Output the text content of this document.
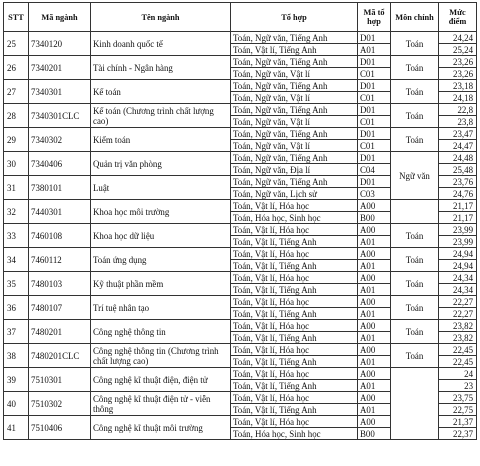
STT	Mã ngành	Tên ngành	Tổ hợp	Mã tổ hợp	Môn chính	Mức điểm
25	7340120	Kinh doanh quốc tế	Toán, Ngữ văn, Tiếng Anh	D01	Toán	24,24
			Toán, Vật lí, Tiếng Anh	A01		25,24
26	7340201	Tài chính - Ngân hàng	Toán, Ngữ văn, Tiếng Anh	D01	Toán	23,26
			Toán, Ngữ văn, Vật lí	C01		23,26
27	7340301	Kế toán	Toán, Ngữ văn, Tiếng Anh	D01	Toán	23,18
			Toán, Ngữ văn, Vật lí	C01		24,18
28	7340301CLC	Kế toán (Chương trình chất lượng cao)	Toán, Ngữ văn, Tiếng Anh	D01	Toán	22,8
			Toán, Ngữ văn, Vật lí	C01		23,8
29	7340302	Kiểm toán	Toán, Ngữ văn, Tiếng Anh	D01	Toán	23,47
			Toán, Ngữ văn, Vật lí	C01		24,47
30	7340406	Quản trị văn phòng	Toán, Ngữ văn, Tiếng Anh	D01	Ngữ văn	24,48
			Toán, Ngữ văn, Địa lí	C04		25,48
31	7380101	Luật	Toán, Ngữ văn, Tiếng Anh	D01		23,76
			Toán, Ngữ văn, Lịch sử	C03		24,76
32	7440301	Khoa học môi trường	Toán, Vật lí, Hóa học	A00		21,17
			Toán, Hóa học, Sinh học	B00		21,17
33	7460108	Khoa học dữ liệu	Toán, Vật lí, Hóa học	A00	Toán	23,99
			Toán, Vật lí, Tiếng Anh	A01		23,99
34	7460112	Toán ứng dụng	Toán, Vật lí, Hóa học	A00	Toán	24,94
			Toán, Vật lí, Tiếng Anh	A01		24,94
35	7480103	Kỹ thuật phần mềm	Toán, Vật lí, Hóa học	A00	Toán	24,34
			Toán, Vật lí, Tiếng Anh	A01		24,34
36	7480107	Trí tuệ nhân tạo	Toán, Vật lí, Hóa học	A00	Toán	22,27
			Toán, Vật lí, Tiếng Anh	A01		22,27
37	7480201	Công nghệ thông tin	Toán, Vật lí, Hóa học	A00	Toán	23,82
			Toán, Vật lí, Tiếng Anh	A01		23,82
38	7480201CLC	Công nghệ thông tin (Chương trình chất lượng cao)	Toán, Vật lí, Hóa học	A00	Toán	22,45
			Toán, Vật lí, Tiếng Anh	A01		22,45
39	7510301	Công nghệ kĩ thuật điện, điện tử	Toán, Vật lí, Hóa học	A00		24
			Toán, Vật lí, Tiếng Anh	A01		23
40	7510302	Công nghệ kĩ thuật điện tử - viễn thông	Toán, Vật lí, Hóa học	A00		23,75
			Toán, Vật lí, Tiếng Anh	A01		22,75
41	7510406	Công nghệ kĩ thuật môi trường	Toán, Vật lí, Hóa học	A00		21,37
			Toán, Hóa học, Sinh học	B00		22,37
